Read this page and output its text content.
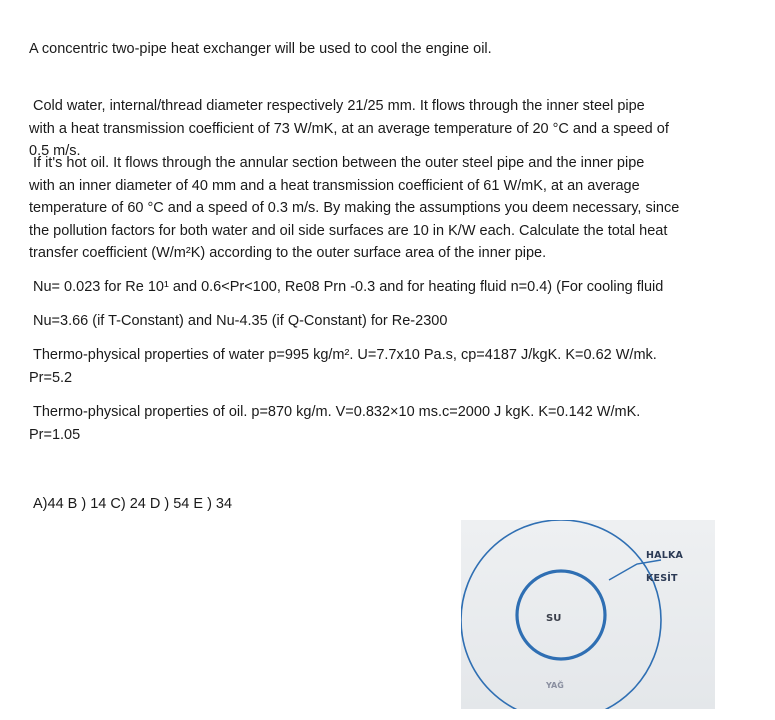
A concentric two-pipe heat exchanger will be used to cool the engine oil.

Cold water, internal/thread diameter respectively 21/25 mm. It flows through the inner steel pipe
with a heat transmission coefficient of 73 W/mK, at an average temperature of 20 °C and a speed of
0.5 m/s.
If it's hot oil. It flows through the annular section between the outer steel pipe and the inner pipe
with an inner diameter of 40 mm and a heat transmission coefficient of 61 W/mK, at an average
temperature of 60 °C and a speed of 0.3 m/s. By making the assumptions you deem necessary, since
the pollution factors for both water and oil side surfaces are 10 in K/W each. Calculate the total heat
transfer coefficient (W/m²K) according to the outer surface area of the inner pipe.

Nu= 0.023 for Re 10¹ and 0.6<Pr<100, Re08 Prn -0.3 and for heating fluid n=0.4) (For cooling fluid

Nu=3.66 (if T-Constant) and Nu-4.35 (if Q-Constant) for Re-2300

Thermo-physical properties of water p=995 kg/m². U=7.7x10 Pa.s, cp=4187 J/kgK. K=0.62 W/mk.
Pr=5.2
Thermo-physical properties of oil. p=870 kg/m. V=0.832×10 ms.c=2000 J kgK. K=0.142 W/mK.
Pr=1.05

A)44 B ) 14 C) 24 D ) 54 E ) 34

HALKA KESİT
SU
YAĞ
